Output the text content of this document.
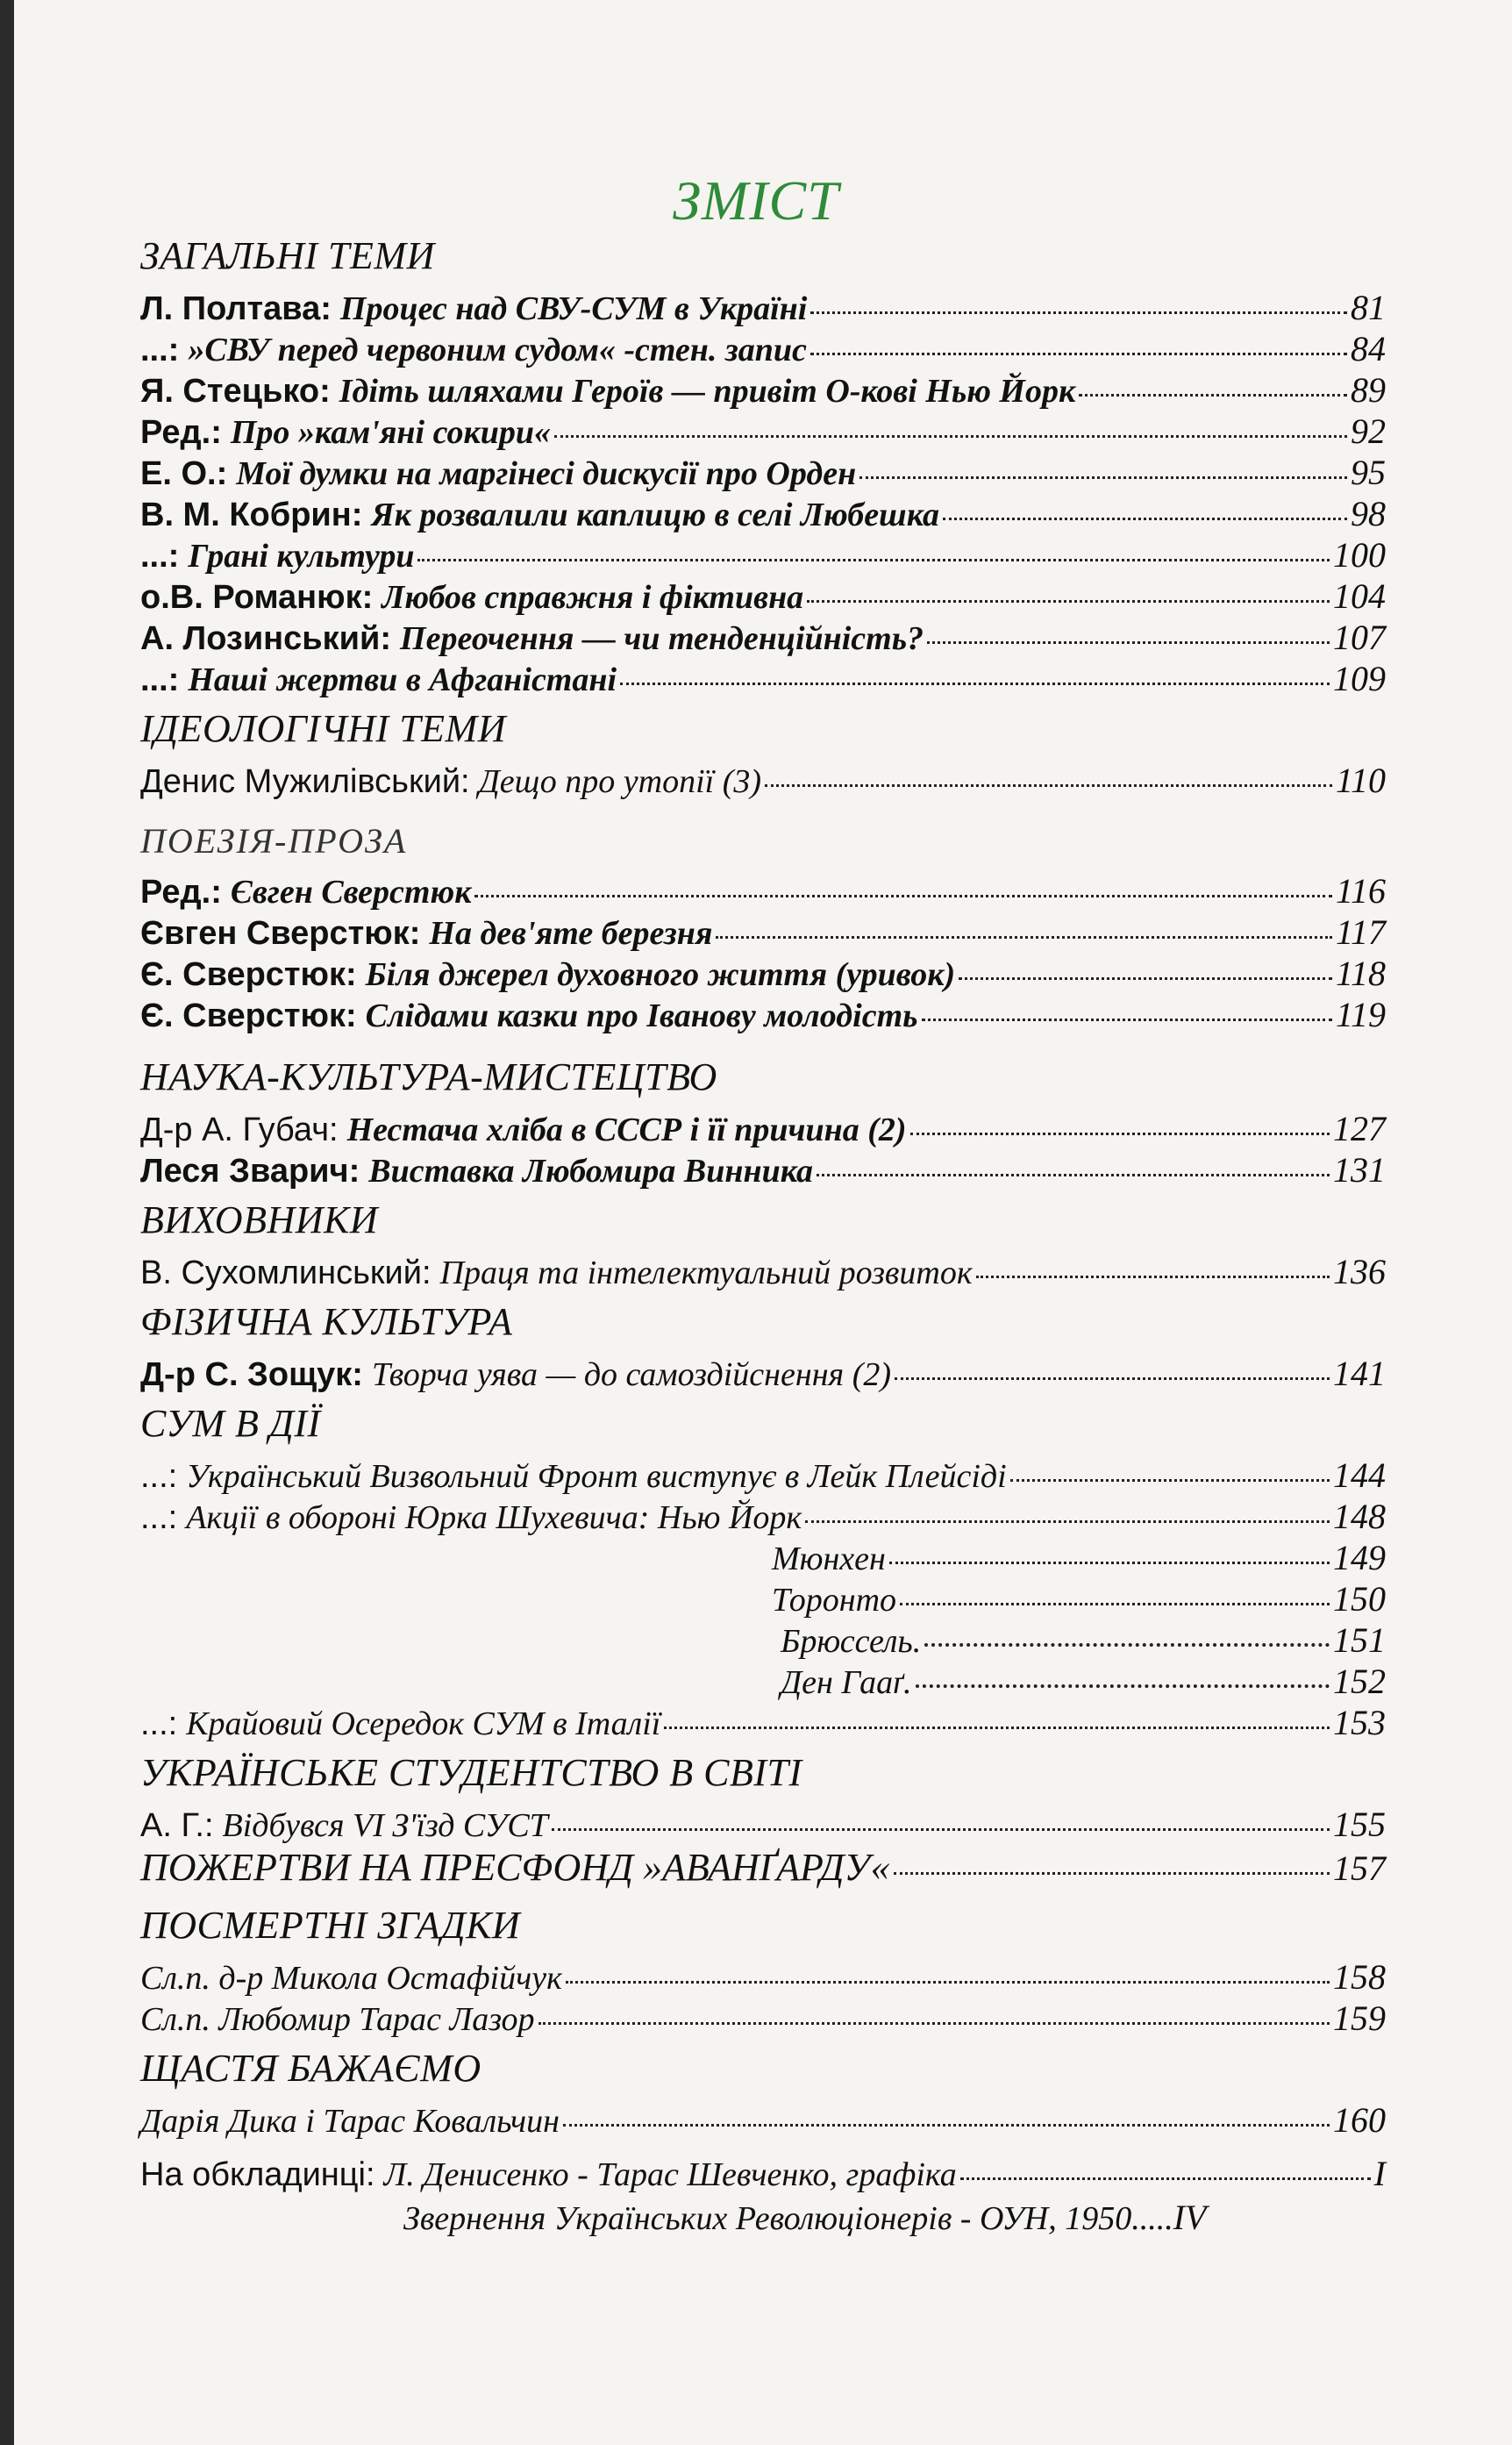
ЗМІСТ
ЗАГАЛЬНІ ТЕМИ
Л. Полтава: Процес над СВУ-СУМ в Україні	81
...: »СВУ перед червоним судом« -стен. запис	84
Я. Стецько: Ідіть шляхами Героїв — привіт О-кові Нью Йорк	89
Ред.: Про »кам'яні сокири«	92
Е. О.: Мої думки на маргінесі дискусії про Орден	95
В. М. Кобрин: Як розвалили каплицю в селі Любешка	98
...: Грані культури	100
о.В. Романюк: Любов справжня і фіктивна	104
А. Лозинський: Переочення — чи тенденційність?	107
...: Наші жертви в Афганістані	109
ІДЕОЛОГІЧНІ ТЕМИ
Денис Мужилівський: Дещо про утопії (3)	110
ПОЕЗІЯ-ПРОЗА
Ред.: Євген Сверстюк	116
Євген Сверстюк: На дев'яте березня	117
Є. Сверстюк: Біля джерел духовного життя (уривок)	118
Є. Сверстюк: Слідами казки про Івановy молодість	119
НАУКА-КУЛЬТУРА-МИСТЕЦТВО
Д-р А. Губач: Нестача хліба в СССР і її причина (2)	127
Леся Зварич: Виставка Любомира Винника	131
ВИХОВНИКИ
В. Сухомлинський: Праця та інтелектуальний розвиток	136
ФІЗИЧНА КУЛЬТУРА
Д-р С. Зощук: Творча уява — до самоздійснення (2)	141
СУМ В ДІЇ
...: Український Визвольний Фронт виступує в Лейк Плейсіді	144
...: Акції в обороні Юрка Шухевича: Нью Йорк	148
Мюнхен	149
Торонто	150
Брюссель.	151
Ден Гааґ.	152
...: Крайовий Осередок СУМ в Італії	153
УКРАЇНСЬКЕ СТУДЕНТСТВО В СВІТІ
А. Г.: Відбувся VI З'їзд СУСТ	155
ПОЖЕРТВИ НА ПРЕСФОНД »АВАНҐАРДУ«	157
ПОСМЕРТНІ ЗГАДКИ
Сл.п. д-р Микола Остафійчук	158
Сл.п. Любомир Тарас Лазор	159
ЩАСТЯ БАЖАЄМО
Дарія Дика і Тарас Ковальчин	160
На обкладинці: Л. Денисенко - Тарас Шевченко, графіка	I
Звернення Українських Революціонерів - ОУН, 1950..... IV
